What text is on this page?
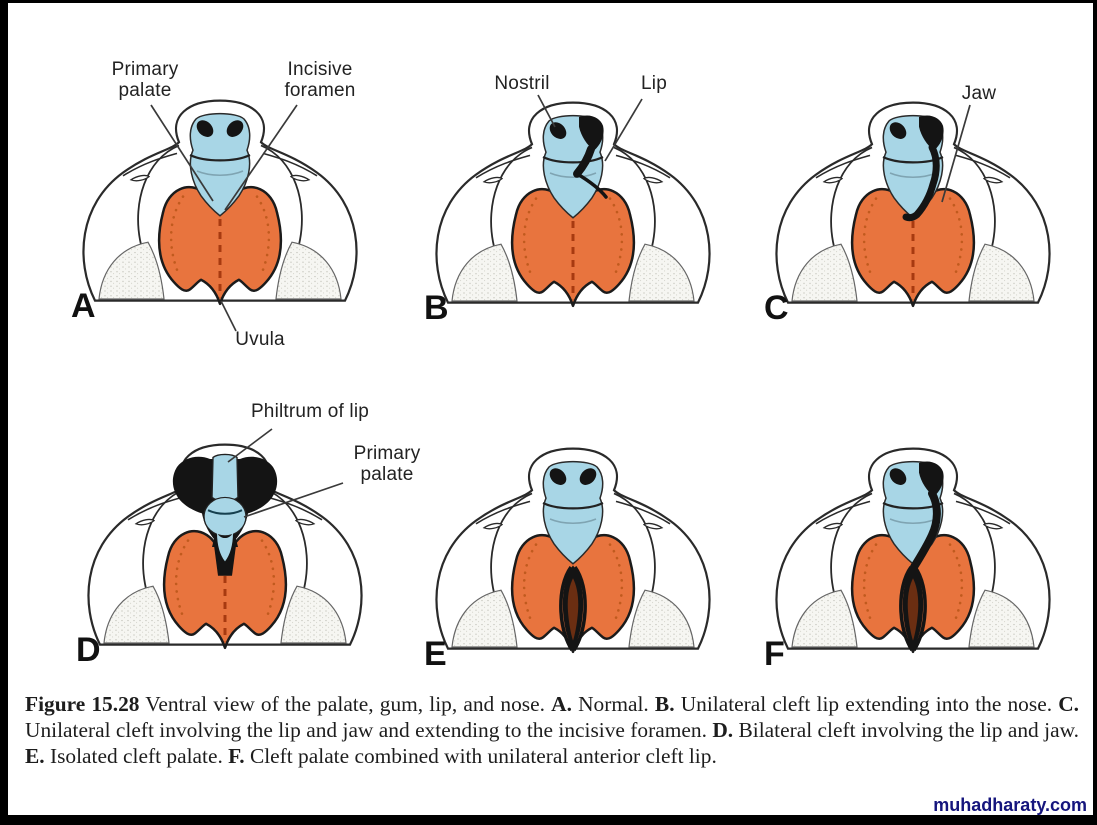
Primary palate
Incisive foramen
Uvula
A
Nostril	Lip
B
Jaw
C
Philtrum of lip
Primary palate
D	E	F

Figure 15.28 Ventral view of the palate, gum, lip, and nose. A. Normal. B. Unilateral cleft lip extending into the nose. C. Unilateral cleft involving the lip and jaw and extending to the incisive foramen. D. Bilateral cleft involving the lip and jaw. E. Isolated cleft palate. F. Cleft palate combined with unilateral anterior cleft lip.

muhadharaty.com
